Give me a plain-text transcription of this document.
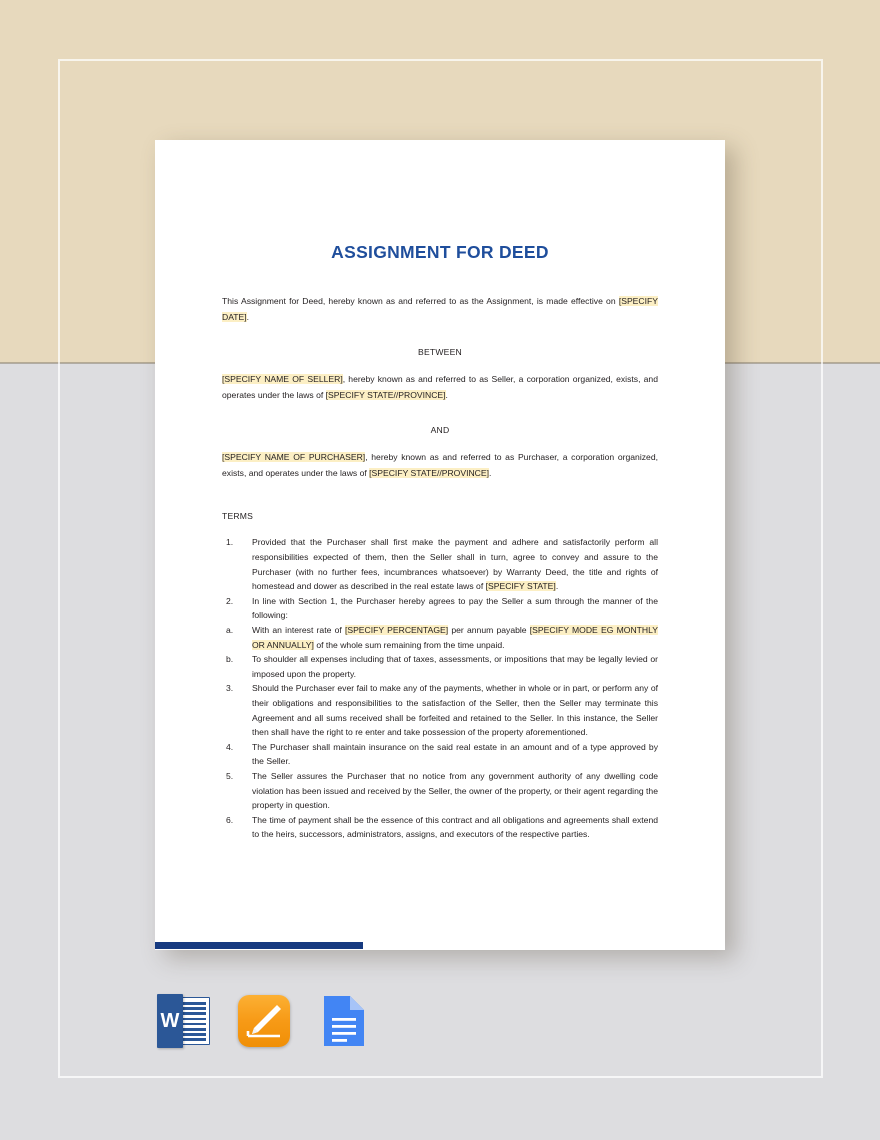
ASSIGNMENT FOR DEED

This Assignment for Deed, hereby known as and referred to as the Assignment, is made effective on [SPECIFY DATE].

BETWEEN

[SPECIFY NAME OF SELLER], hereby known as and referred to as Seller, a corporation organized, exists, and operates under the laws of [SPECIFY STATE//PROVINCE].

AND

[SPECIFY NAME OF PURCHASER], hereby known as and referred to as Purchaser, a corporation organized, exists, and operates under the laws of [SPECIFY STATE//PROVINCE].

TERMS

1.	Provided that the Purchaser shall first make the payment and adhere and satisfactorily perform all responsibilities expected of them, then the Seller shall in turn, agree to convey and assure to the Purchaser (with no further fees, incumbrances whatsoever) by Warranty Deed, the title and rights of homestead and dower as described in the real estate laws of [SPECIFY STATE].
2.	In line with Section 1, the Purchaser hereby agrees to pay the Seller a sum through the manner of the following:
a.	With an interest rate of [SPECIFY PERCENTAGE] per annum payable [SPECIFY MODE EG MONTHLY OR ANNUALLY] of the whole sum remaining from the time unpaid.
b.	To shoulder all expenses including that of taxes, assessments, or impositions that may be legally levied or imposed upon the property.
3.	Should the Purchaser ever fail to make any of the payments, whether in whole or in part, or perform any of their obligations and responsibilities to the satisfaction of the Seller, then the Seller may terminate this Agreement and all sums received shall be forfeited and retained to the Seller. In this instance, the Seller then shall have the right to re enter and take possession of the property aforementioned.
4.	The Purchaser shall maintain insurance on the said real estate in an amount and of a type approved by the Seller.
5.	The Seller assures the Purchaser that no notice from any government authority of any dwelling code violation has been issued and received by the Seller, the owner of the property, or their agent regarding the property in question.
6.	The time of payment shall be the essence of this contract and all obligations and agreements shall extend to the heirs, successors, administrators, assigns, and executors of the respective parties.
W
